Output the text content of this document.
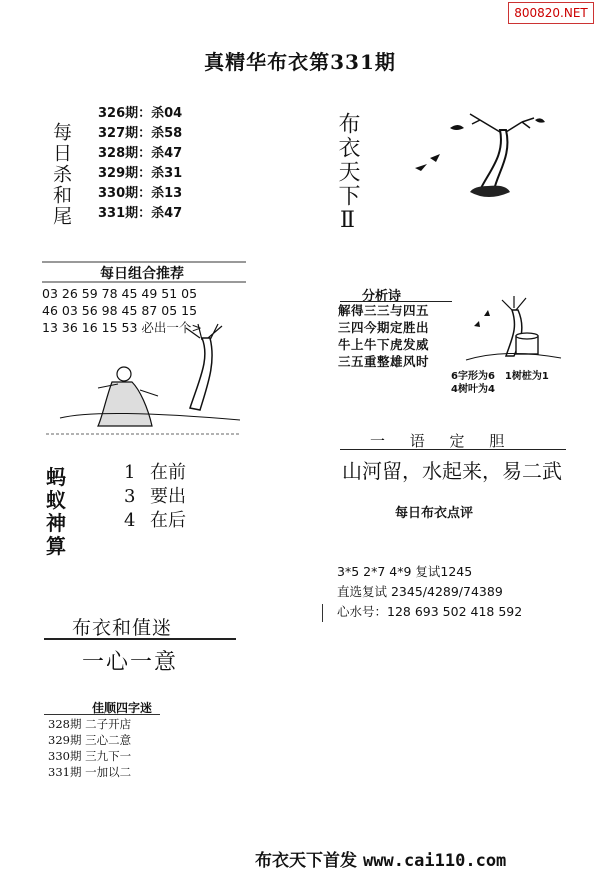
800820.NET
真精华布衣第331期
每日杀和尾
326期：杀04
327期：杀58
328期：杀47
329期：杀31
330期：杀13
331期：杀47	布衣天下Ⅱ
每日组合推荐
03 26 59 78 45 49 51 05
46 03 56 98 45 87 05 15
13 36 16 15 53 必出一个>
分析诗
解得三三与四五
三四今期定胜出
牛上牛下虎发威
三五重整雄风时
6字形为6　1树桩为1
4树叶为4
一 语 定 胆
山河留，水起来，易二武
蚂蚁神算
1 在前
3 要出
4 在后	每日布衣点评
3*5 2*7 4*9 复试1245
直选复试 2345/4289/74389
心水号：128 693 502 418 592
布衣和值迷
一心一意
佳顺四字迷
328期 二子开店
329期 三心二意
330期 三九下一
331期 一加以二
布衣天下首发 www.cai110.com
